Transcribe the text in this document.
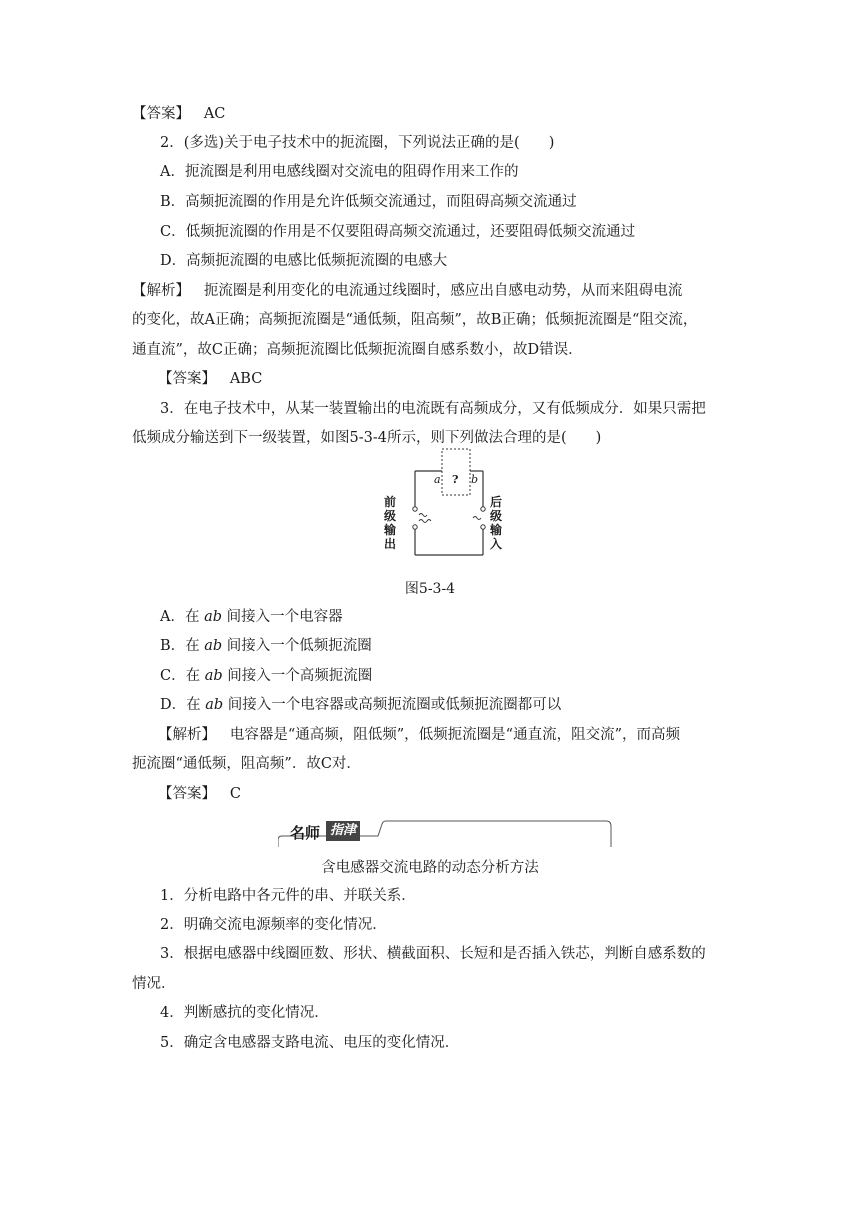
【答案】 AC
2．(多选)关于电子技术中的扼流圈，下列说法正确的是(　　)
A．扼流圈是利用电感线圈对交流电的阻碍作用来工作的
B．高频扼流圈的作用是允许低频交流通过，而阻碍高频交流通过
C．低频扼流圈的作用是不仅要阻碍高频交流通过，还要阻碍低频交流通过
D．高频扼流圈的电感比低频扼流圈的电感大
【解析】 扼流圈是利用变化的电流通过线圈时，感应出自感电动势，从而来阻碍电流
的变化，故A正确；高频扼流圈是“通低频，阻高频”，故B正确；低频扼流圈是“阻交流，
通直流”，故C正确；高频扼流圈比低频扼流圈自感系数小，故D错误．
【答案】 ABC
3．在电子技术中，从某一装置输出的电流既有高频成分，又有低频成分．如果只需把
低频成分输送到下一级装置，如图5-3-4所示，则下列做法合理的是(　　)
a ? b
前
级
输
出
后
级
输
入
图5-3-4
A．在 ab 间接入一个电容器
B．在 ab 间接入一个低频扼流圈
C．在 ab 间接入一个高频扼流圈
D．在 ab 间接入一个电容器或高频扼流圈或低频扼流圈都可以
【解析】 电容器是“通高频，阻低频”，低频扼流圈是“通直流，阻交流”，而高频
扼流圈“通低频，阻高频”．故C对．
【答案】 C
名师 指津
含电感器交流电路的动态分析方法
1．分析电路中各元件的串、并联关系．
2．明确交流电源频率的变化情况．
3．根据电感器中线圈匝数、形状、横截面积、长短和是否插入铁芯，判断自感系数的
情况．
4．判断感抗的变化情况．
5．确定含电感器支路电流、电压的变化情况．
